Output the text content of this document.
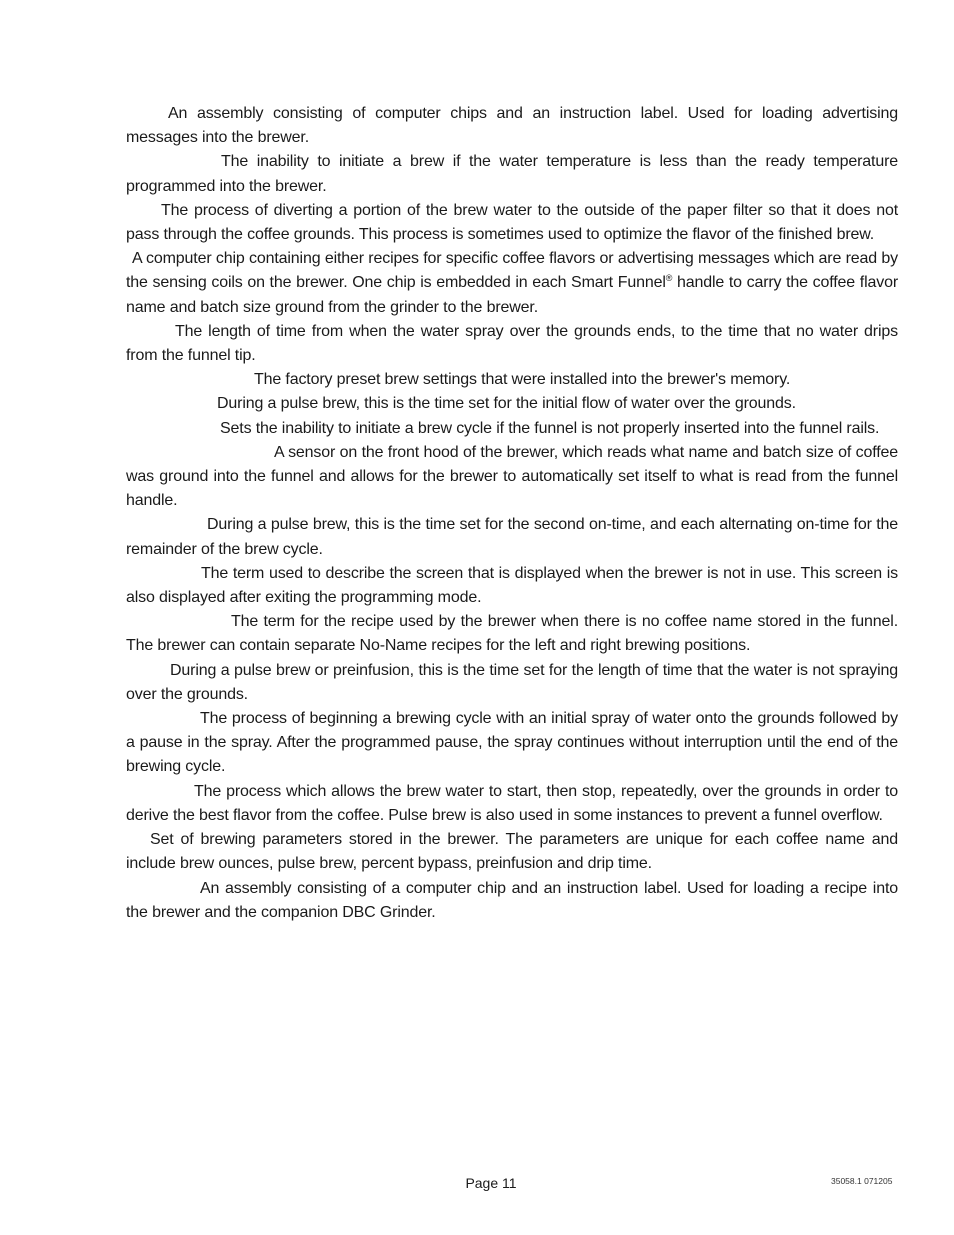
An assembly consisting of computer chips and an instruction label. Used for loading advertising messages into the brewer.

The inability to initiate a brew if the water temperature is less than the ready temperature programmed into the brewer.

The process of diverting a portion of the brew water to the outside of the paper filter so that it does not pass through the coffee grounds. This process is sometimes used to optimize the flavor of the finished brew.

A computer chip containing either recipes for specific coffee flavors or advertising messages which are read by the sensing coils on the brewer. One chip is embedded in each Smart Funnel® handle to carry the coffee flavor name and batch size ground from the grinder to the brewer.

The length of time from when the water spray over the grounds ends, to the time that no water drips from the funnel tip.

The factory preset brew settings that were installed into the brewer's memory.

During a pulse brew, this is the time set for the initial flow of water over the grounds.

Sets the inability to initiate a brew cycle if the funnel is not properly inserted into the funnel rails.

A sensor on the front hood of the brewer, which reads what name and batch size of coffee was ground into the funnel and allows for the brewer to automatically set itself to what is read from the funnel handle.

During a pulse brew, this is the time set for the second on-time, and each alternating on-time for the remainder of the brew cycle.

The term used to describe the screen that is displayed when the brewer is not in use. This screen is also displayed after exiting the programming mode.

The term for the recipe used by the brewer when there is no coffee name stored in the funnel. The brewer can contain separate No-Name recipes for the left and right brewing positions.

During a pulse brew or preinfusion, this is the time set for the length of time that the water is not spraying over the grounds.

The process of beginning a brewing cycle with an initial spray of water onto the grounds followed by a pause in the spray. After the programmed pause, the spray continues without interruption until the end of the brewing cycle.

The process which allows the brew water to start, then stop, repeatedly, over the grounds in order to derive the best flavor from the coffee. Pulse brew is also used in some instances to prevent a funnel overflow.

Set of brewing parameters stored in the brewer. The parameters are unique for each coffee name and include brew ounces, pulse brew, percent bypass, preinfusion and drip time.

An assembly consisting of a computer chip and an instruction label. Used for loading a recipe into the brewer and the companion DBC Grinder.

Page 11	35058.1 071205
